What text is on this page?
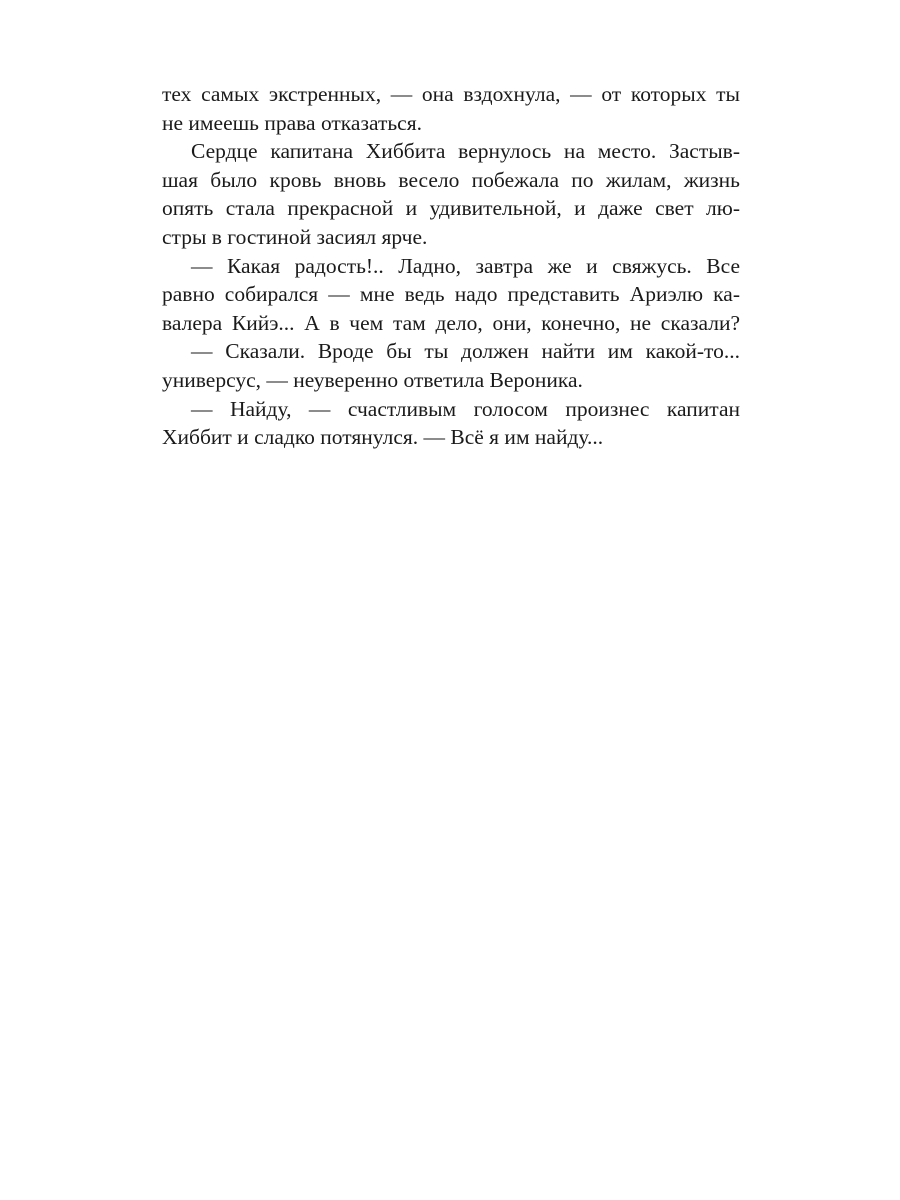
тех самых экстренных, — она вздохнула, — от которых ты
не имеешь права отказаться.
Сердце капитана Хиббита вернулось на место. Застыв-
шая было кровь вновь весело побежала по жилам, жизнь
опять стала прекрасной и удивительной, и даже свет лю-
стры в гостиной засиял ярче.
— Какая радость!.. Ладно, завтра же и свяжусь. Все
равно собирался — мне ведь надо представить Ариэлю ка-
валера Кийэ... А в чем там дело, они, конечно, не сказали?
— Сказали. Вроде бы ты должен найти им какой-то...
универсус, — неуверенно ответила Вероника.
— Найду, — счастливым голосом произнес капитан
Хиббит и сладко потянулся. — Всё я им найду...
